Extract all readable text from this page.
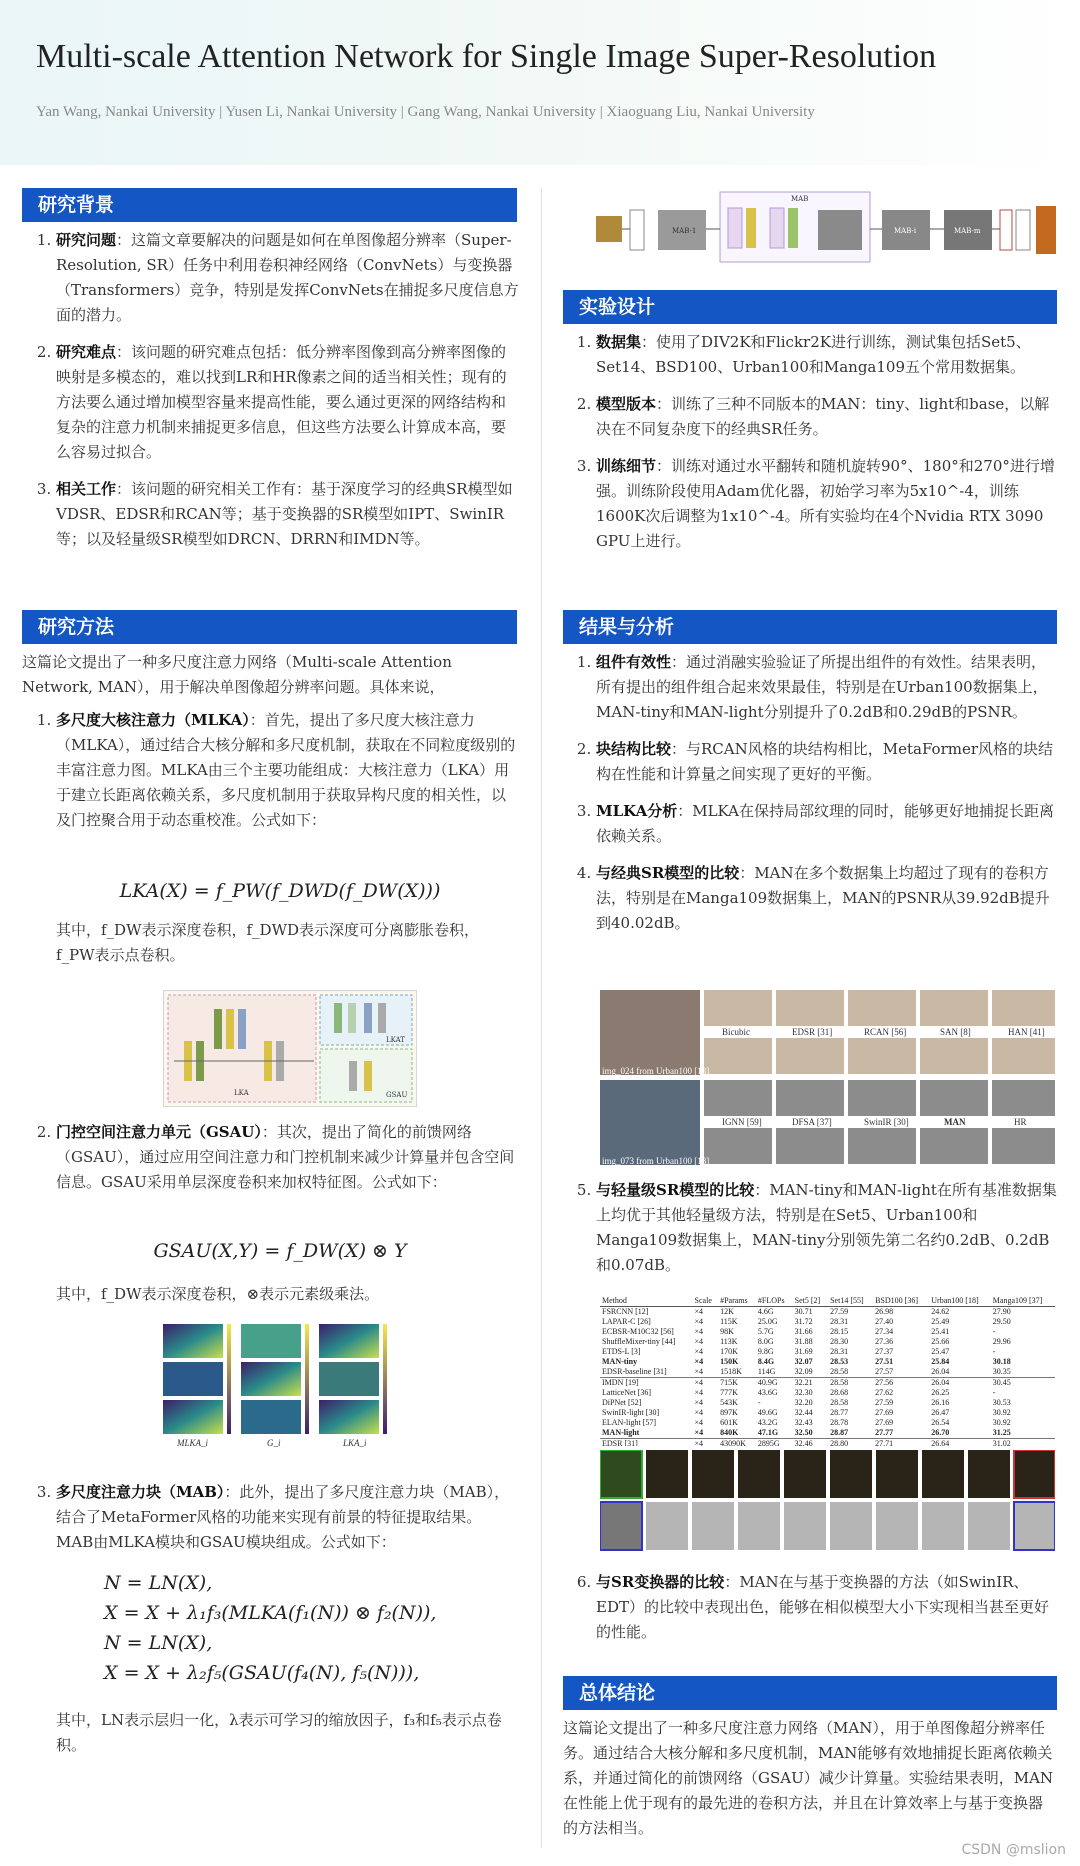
Multi-scale Attention Network for Single Image Super-Resolution
Yan Wang, Nankai University | Yusen Li, Nankai University | Gang Wang, Nankai University | Xiaoguang Liu, Nankai University

研究背景
1. 研究问题：这篇文章要解决的问题是如何在单图像超分辨率（Super-Resolution, SR）任务中利用卷积神经网络（ConvNets）与变换器（Transformers）竞争，特别是发挥ConvNets在捕捉多尺度信息方面的潜力。
2. 研究难点：该问题的研究难点包括：低分辨率图像到高分辨率图像的映射是多模态的，难以找到LR和HR像素之间的适当相关性；现有的方法要么通过增加模型容量来提高性能，要么通过更深的网络结构和复杂的注意力机制来捕捉更多信息，但这些方法要么计算成本高，要么容易过拟合。
3. 相关工作：该问题的研究相关工作有：基于深度学习的经典SR模型如VDSR、EDSR和RCAN等；基于变换器的SR模型如IPT、SwinIR等；以及轻量级SR模型如DRCN、DRRN和IMDN等。
研究方法
这篇论文提出了一种多尺度注意力网络（Multi-scale Attention Network, MAN），用于解决单图像超分辨率问题。具体来说，
1. 多尺度大核注意力（MLKA）：首先，提出了多尺度大核注意力（MLKA），通过结合大核分解和多尺度机制，获取在不同粒度级别的丰富注意力图。MLKA由三个主要功能组成：大核注意力（LKA）用于建立长距离依赖关系，多尺度机制用于获取异构尺度的相关性，以及门控聚合用于动态重校准。公式如下：
LKA(X) = f_PW(f_DWD(f_DW(X)))
其中，f_DW表示深度卷积，f_DWD表示深度可分离膨胀卷积，f_PW表示点卷积。
LKA
LKAT
GSAU
2. 门控空间注意力单元（GSAU）：其次，提出了简化的前馈网络（GSAU），通过应用空间注意力和门控机制来减少计算量并包含空间信息。GSAU采用单层深度卷积来加权特征图。公式如下：
GSAU(X,Y) = f_DW(X) ⊗ Y
其中，f_DW表示深度卷积，⊗表示元素级乘法。
MLKA_i	G_i	LKA_i
3. 多尺度注意力块（MAB）：此外，提出了多尺度注意力块（MAB），结合了MetaFormer风格的功能来实现有前景的特征提取结果。MAB由MLKA模块和GSAU模块组成。公式如下：
N = LN(X),
X = X + λ₁f₃(MLKA(f₁(N)) ⊗ f₂(N)),
N = LN(X),
X = X + λ₂f₅(GSAU(f₄(N), f₅(N))),
其中，LN表示层归一化，λ表示可学习的缩放因子，f₃和f₅表示点卷积。
MAB
MAB-1	MAB-i	MAB-m
实验设计
1. 数据集：使用了DIV2K和Flickr2K进行训练，测试集包括Set5、Set14、BSD100、Urban100和Manga109五个常用数据集。
2. 模型版本：训练了三种不同版本的MAN：tiny、light和base，以解决在不同复杂度下的经典SR任务。
3. 训练细节：训练对通过水平翻转和随机旋转90°、180°和270°进行增强。训练阶段使用Adam优化器，初始学习率为5x10^-4，训练1600K次后调整为1x10^-4。所有实验均在4个Nvidia RTX 3090 GPU上进行。
结果与分析
1. 组件有效性：通过消融实验验证了所提出组件的有效性。结果表明，所有提出的组件组合起来效果最佳，特别是在Urban100数据集上，MAN-tiny和MAN-light分别提升了0.2dB和0.29dB的PSNR。
2. 块结构比较：与RCAN风格的块结构相比，MetaFormer风格的块结构在性能和计算量之间实现了更好的平衡。
3. MLKA分析：MLKA在保持局部纹理的同时，能够更好地捕捉长距离依赖关系。
4. 与经典SR模型的比较：MAN在多个数据集上均超过了现有的卷积方法，特别是在Manga109数据集上，MAN的PSNR从39.92dB提升到40.02dB。
img_024 from Urban100 [18]
img_073 from Urban100 [18]
Bicubic	EDSR [31]	RCAN [56]	SAN [8]	HAN [41]
IGNN [59]	DFSA [37]	SwinIR [30]	MAN	HR
5. 与轻量级SR模型的比较：MAN-tiny和MAN-light在所有基准数据集上均优于其他轻量级方法，特别是在Set5、Urban100和Manga109数据集上，MAN-tiny分别领先第二名约0.2dB、0.2dB和0.07dB。
Method	Scale	#Params	#FLOPs	Set5 [2]	Set14 [55]	BSD100 [36]	Urban100 [18]	Manga109 [37]
FSRCNN [12]	×4	12K	4.6G	30.71	27.59	26.98	24.62	27.90
LAPAR-C [26]	×4	115K	25.0G	31.72	28.31	27.40	25.49	29.50
ECBSR-M10C32 [56]	×4	98K	5.7G	31.66	28.15	27.34	25.41	-
ShuffleMixer-tiny [44]	×4	113K	8.0G	31.88	28.30	27.36	25.66	29.96
ETDS-L [3]	×4	170K	9.8G	31.69	28.31	27.37	25.47	-
MAN-tiny	×4	150K	8.4G	32.07	28.53	27.51	25.84	30.18
EDSR-baseline [31]	×4	1518K	114G	32.09	28.58	27.57	26.04	30.35
IMDN [19]	×4	715K	40.9G	32.21	28.58	27.56	26.04	30.45
LatticeNet [36]	×4	777K	43.6G	32.30	28.68	27.62	26.25	-
DiPNet [52]	×4	543K	-	32.20	28.58	27.59	26.16	30.53
SwinIR-light [30]	×4	897K	49.6G	32.44	28.77	27.69	26.47	30.92
ELAN-light [57]	×4	601K	43.2G	32.43	28.78	27.69	26.54	30.92
MAN-light	×4	840K	47.1G	32.50	28.87	27.77	26.70	31.25
EDSR [31]	×4	43090K	2895G	32.46	28.80	27.71	26.64	31.02
6. 与SR变换器的比较：MAN在与基于变换器的方法（如SwinIR、EDT）的比较中表现出色，能够在相似模型大小下实现相当甚至更好的性能。
总体结论
这篇论文提出了一种多尺度注意力网络（MAN），用于单图像超分辨率任务。通过结合大核分解和多尺度机制，MAN能够有效地捕捉长距离依赖关系，并通过简化的前馈网络（GSAU）减少计算量。实验结果表明，MAN在性能上优于现有的最先进的卷积方法，并且在计算效率上与基于变换器的方法相当。
CSDN @mslion
